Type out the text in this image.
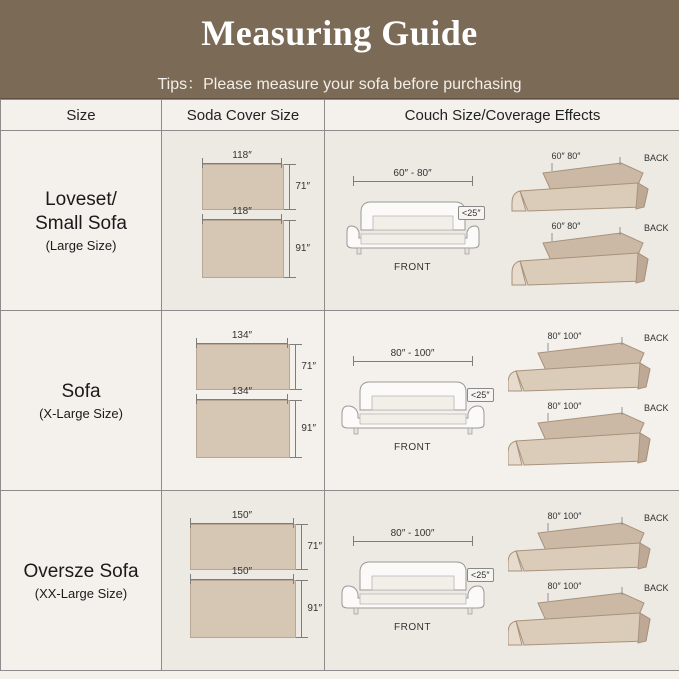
Measuring Guide
Tips：Please measure your sofa before purchasing
Size	Soda Cover Size	Couch Size/Coverage Effects

Loveset/
Small Sofa
(Large Size)

118″
71″
118″
91″

60″ - 80″
<25″
FRONT
60″ 80″	BACK
60″ 80″	BACK

Sofa
(X-Large Size)

134″
71″
134″
91″

80″ - 100″
<25″
FRONT
80″ 100″	BACK
80″ 100″	BACK

Oversze Sofa
(XX-Large Size)

150″
71″
150″
91″

80″ - 100″
<25″
FRONT
80″ 100″	BACK
80″ 100″	BACK
